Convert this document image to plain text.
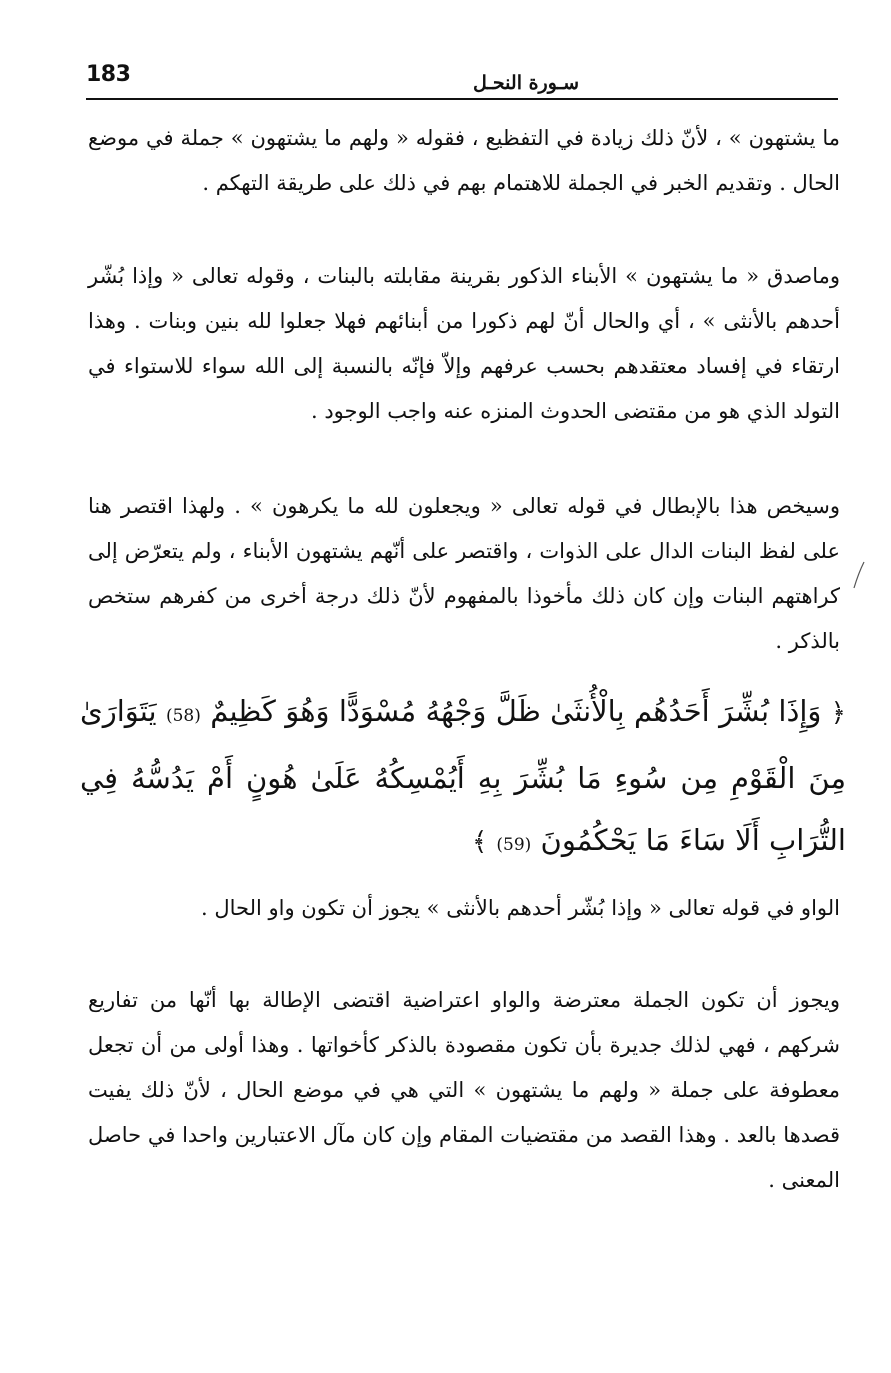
183	سـورة النحـل

ما يشتهون » ، لأنّ ذلك زيادة في التفظيع ، فقوله « ولهم ما يشتهون » جملة في موضع الحال . وتقديم الخبر في الجملة للاهتمام بهم في ذلك على طريقة التهكم .

وماصدق « ما يشتهون » الأبناء الذكور بقرينة مقابلته بالبنات ، وقوله تعالى « وإذا بُشّر أحدهم بالأنثى » ، أي والحال أنّ لهم ذكورا من أبنائهم فهلا جعلوا لله بنين وبنات . وهذا ارتقاء في إفساد معتقدهم بحسب عرفهم وإلاّ فإنّه بالنسبة إلى الله سواء للاستواء في التولد الذي هو من مقتضى الحدوث المنزه عنه واجب الوجود .

وسيخص هذا بالإبطال في قوله تعالى « ويجعلون لله ما يكرهون » . ولهذا اقتصر هنا على لفظ البنات الدال على الذوات ، واقتصر على أنّهم يشتهون الأبناء ، ولم يتعرّض إلى كراهتهم البنات وإن كان ذلك مأخوذا بالمفهوم لأنّ ذلك درجة أخرى من كفرهم ستخص بالذكر .

﴿ وَإِذَا بُشِّرَ أَحَدُهُم بِالْأُنثَىٰ ظَلَّ وَجْهُهُ مُسْوَدًّا وَهُوَ كَظِيمٌ (58) يَتَوَارَىٰ مِنَ الْقَوْمِ مِن سُوءِ مَا بُشِّرَ بِهِ أَيُمْسِكُهُ عَلَىٰ هُونٍ أَمْ يَدُسُّهُ فِي التُّرَابِ أَلَا سَاءَ مَا يَحْكُمُونَ (59) ﴾

الواو في قوله تعالى « وإذا بُشّر أحدهم بالأنثى » يجوز أن تكون واو الحال .

ويجوز أن تكون الجملة معترضة والواو اعتراضية اقتضى الإطالة بها أنّها من تفاريع شركهم ، فهي لذلك جديرة بأن تكون مقصودة بالذكر كأخواتها . وهذا أولى من أن تجعل معطوفة على جملة « ولهم ما يشتهون » التي هي في موضع الحال ، لأنّ ذلك يفيت قصدها بالعد . وهذا القصد من مقتضيات المقام وإن كان مآل الاعتبارين واحدا في حاصل المعنى .
